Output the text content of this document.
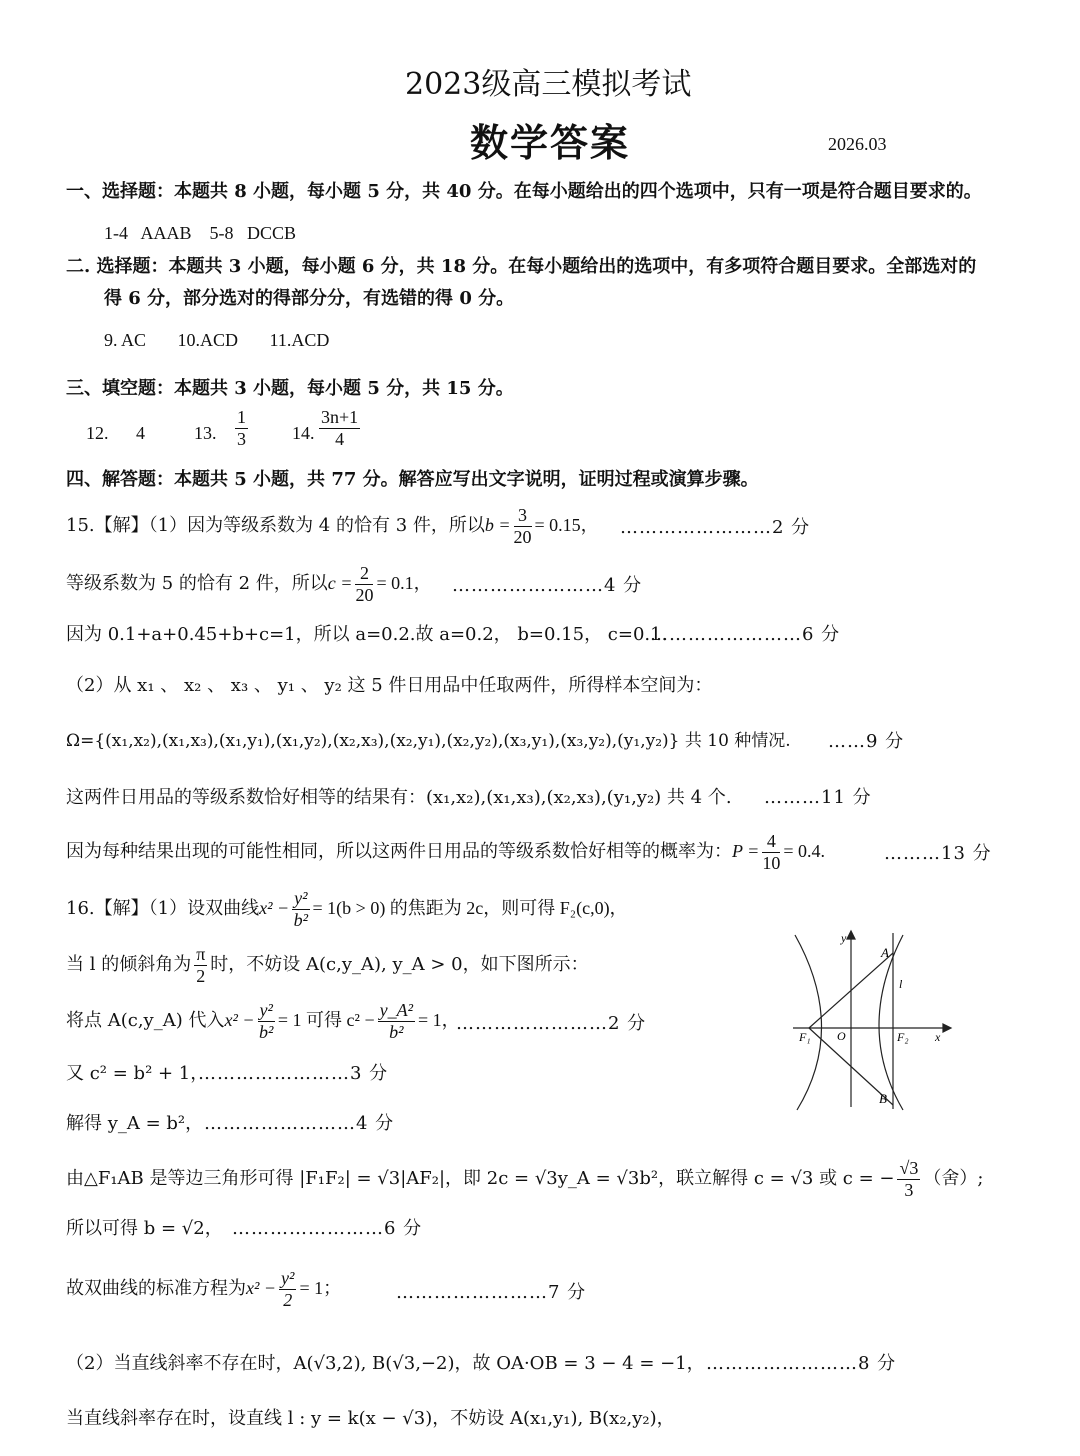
2023级高三模拟考试
数学答案	2026.03
一、选择题：本题共 8 小题，每小题 5 分，共 40 分。在每小题给出的四个选项中，只有一项是符合题目要求的。
1-4   AAAB    5-8   DCCB
二. 选择题：本题共 3 小题，每小题 6 分，共 18 分。在每小题给出的选项中，有多项符合题目要求。全部选对的
得 6 分，部分选对的得部分分，有选错的得 0 分。
9. AC       10.ACD       11.ACD
三、填空题：本题共 3 小题，每小题 5 分，共 15 分。
12. 4	13. $\frac{1}{3} 14$. $\frac{3n+1}{4}$
四、解答题：本题共 5 小题，共 77 分。解答应写出文字说明，证明过程或演算步骤。
15.【解】（1）因为等级系数为 4 的恰有 3 件，所以$b = \frac{3}{20} = 0.15$， ……………………2 分
等级系数为 5 的恰有 2 件，所以$c = \frac{2}{20} = 0.1$， ……………………4 分
因为 0.1+a+0.45+b+c=1，所以 a=0.2.故 a=0.2， b=0.15， c=0.1.
……………………6 分
（2）从 x₁ 、 x₂ 、 x₃ 、 y₁ 、 y₂ 这 5 件日用品中任取两件，所得样本空间为：
Ω={(x₁,x₂),(x₁,x₃),(x₁,y₁),(x₁,y₂),(x₂,x₃),(x₂,y₁),(x₂,y₂),(x₃,y₁),(x₃,y₂),(y₁,y₂)} 共 10 种情况. ……9 分
这两件日用品的等级系数恰好相等的结果有：(x₁,x₂),(x₁,x₃),(x₂,x₃),(y₁,y₂) 共 4 个. ………11 分
因为每种结果出现的可能性相同，所以这两件日用品的等级系数恰好相等的概率为：$P = \frac{4}{10} = 0.4$.	………13 分
16.【解】（1）设双曲线$x^2 - \frac{\text{y²}}{\text{b²}} = 1(b > 0)$ 的焦距为 2c，则可得 F₂(c,0)，
当 l 的倾斜角为 $\frac{\pi}{2}$ 时，不妨设 A(c,y_A), y_A > 0，如下图所示：
将点 A(c,y_A) 代入$x^2 - \frac{\text{y²}}{\text{b²}} = 1$ 可得 $c^2 - \frac{\text{y\_A²}}{\text{b²}} = 1$，
……………………2 分
又 c² = b² + 1，
……………………3 分
解得 y_A = b²， ……………………4 分
由△F₁AB 是等边三角形可得 |F₁F₂| = √3|AF₂|，即 2c = √3y_A = √3b²，联立解得 c = √3 或 c = − $\frac{√3}{3}$ （舍）;
所以可得 b = √2， ……………………6 分
故双曲线的标准方程为$x^2 - \frac{\text{y²}}{2} = 1$；	……………………7 分
（2）当直线斜率不存在时，A(√3,2), B(√3,−2)，故 OA·OB = 3 − 4 = −1， ……………………8 分
当直线斜率存在时，设直线 l : y = k(x − √3)，不妨设 A(x₁,y₁), B(x₂,y₂)，
y
A
l
F₁ O	F₂ x
B
